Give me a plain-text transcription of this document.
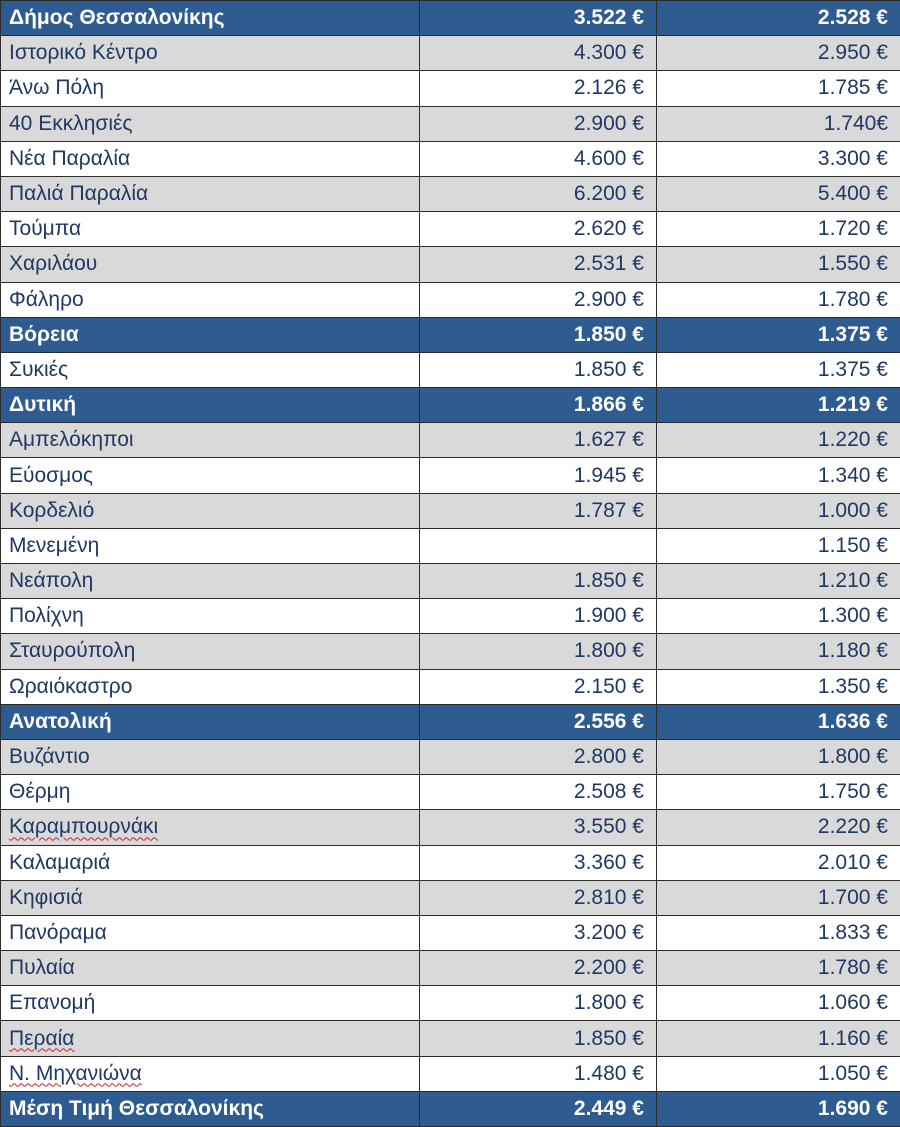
Δήμος Θεσσαλονίκης	3.522 €	2.528 €
Ιστορικό Κέντρο	4.300 €	2.950 €
Άνω Πόλη	2.126 €	1.785 €
40 Εκκλησιές	2.900 €	1.740€
Νέα Παραλία	4.600 €	3.300 €
Παλιά Παραλία	6.200 €	5.400 €
Τούμπα	2.620 €	1.720 €
Χαριλάου	2.531 €	1.550 €
Φάληρο	2.900 €	1.780 €
Βόρεια	1.850 €	1.375 €
Συκιές	1.850 €	1.375 €
Δυτική	1.866 €	1.219 €
Αμπελόκηποι	1.627 €	1.220 €
Εύοσμος	1.945 €	1.340 €
Κορδελιό	1.787 €	1.000 €
Μενεμένη		1.150 €
Νεάπολη	1.850 €	1.210 €
Πολίχνη	1.900 €	1.300 €
Σταυρούπολη	1.800 €	1.180 €
Ωραιόκαστρο	2.150 €	1.350 €
Ανατολική	2.556 €	1.636 €
Βυζάντιο	2.800 €	1.800 €
Θέρμη	2.508 €	1.750 €
Καραμπουρνάκι	3.550 €	2.220 €
Καλαμαριά	3.360 €	2.010 €
Κηφισιά	2.810 €	1.700 €
Πανόραμα	3.200 €	1.833 €
Πυλαία	2.200 €	1.780 €
Επανομή	1.800 €	1.060 €
Περαία	1.850 €	1.160 €
Ν. Μηχανιώνα	1.480 €	1.050 €
Μέση Τιμή Θεσσαλονίκης	2.449 €	1.690 €
